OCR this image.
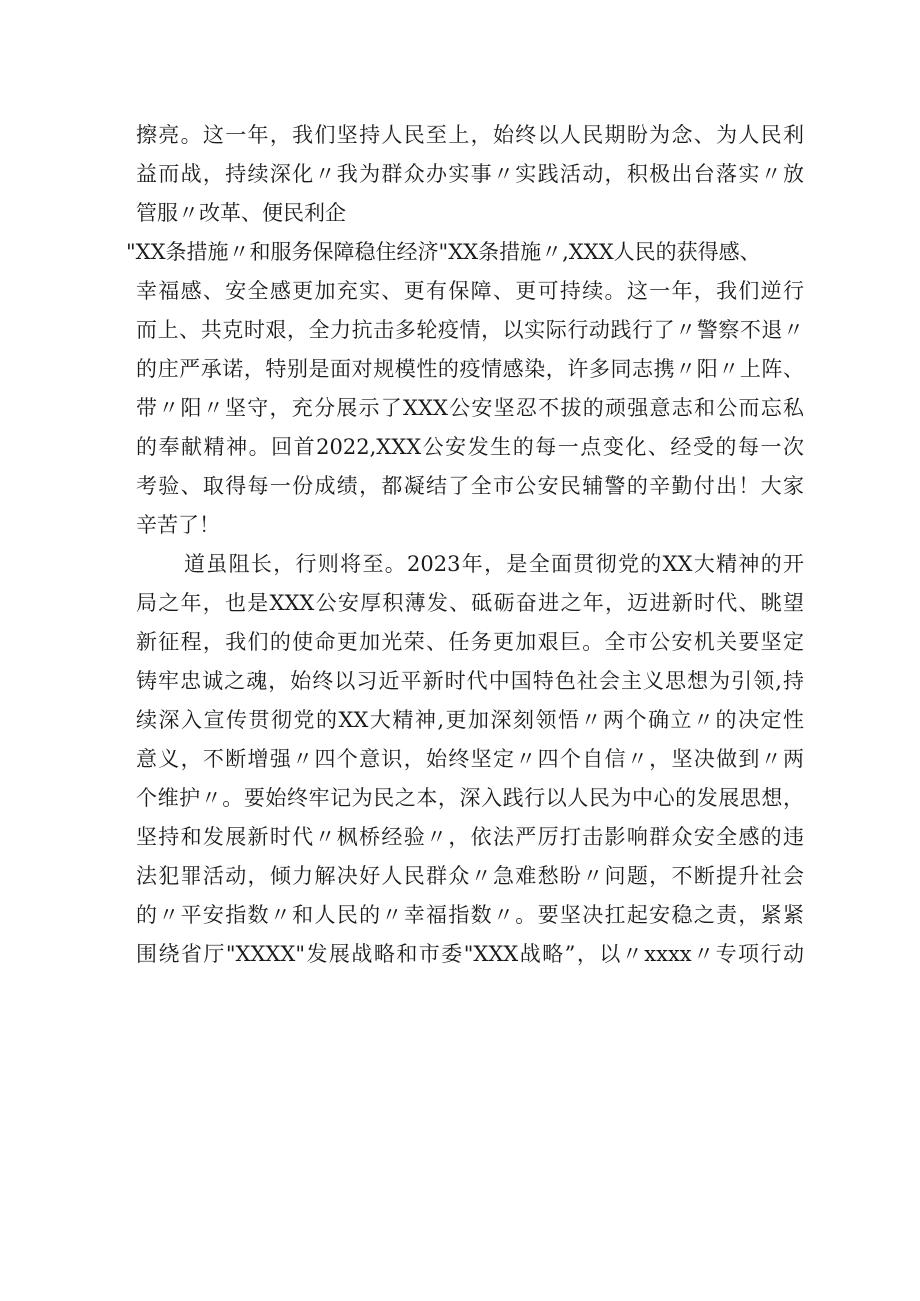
擦亮。这一年，我们坚持人民至上，始终以人民期盼为念、为人民利
益而战，持续深化〃我为群众办实事〃实践活动，积极出台落实〃放
管服〃改革、便民利企
"XX条措施〃和服务保障稳住经济"XX条措施〃,XXX人民的获得感、
幸福感、安全感更加充实、更有保障、更可持续。这一年，我们逆行
而上、共克时艰，全力抗击多轮疫情，以实际行动践行了〃警察不退〃
的庄严承诺，特别是面对规模性的疫情感染，许多同志携〃阳〃上阵、
带〃阳〃坚守，充分展示了XXX公安坚忍不拔的顽强意志和公而忘私
的奉献精神。回首2022,XXX公安发生的每一点变化、经受的每一次
考验、取得每一份成绩，都凝结了全市公安民辅警的辛勤付出！大家
辛苦了！
道虽阻长，行则将至。2023年，是全面贯彻党的XX大精神的开
局之年，也是XXX公安厚积薄发、砥砺奋进之年，迈进新时代、眺望
新征程，我们的使命更加光荣、任务更加艰巨。全市公安机关要坚定
铸牢忠诚之魂，始终以习近平新时代中国特色社会主义思想为引领,持
续深入宣传贯彻党的XX大精神,更加深刻领悟〃两个确立〃的决定性
意义，不断增强〃四个意识，始终坚定〃四个自信〃，坚决做到〃两
个维护〃。要始终牢记为民之本，深入践行以人民为中心的发展思想，
坚持和发展新时代〃枫桥经验〃，依法严厉打击影响群众安全感的违
法犯罪活动，倾力解决好人民群众〃急难愁盼〃问题，不断提升社会
的〃平安指数〃和人民的〃幸福指数〃。要坚决扛起安稳之责，紧紧
围绕省厅"XXXX"发展战略和市委"XXX战略”，以〃xxxx〃专项行动
